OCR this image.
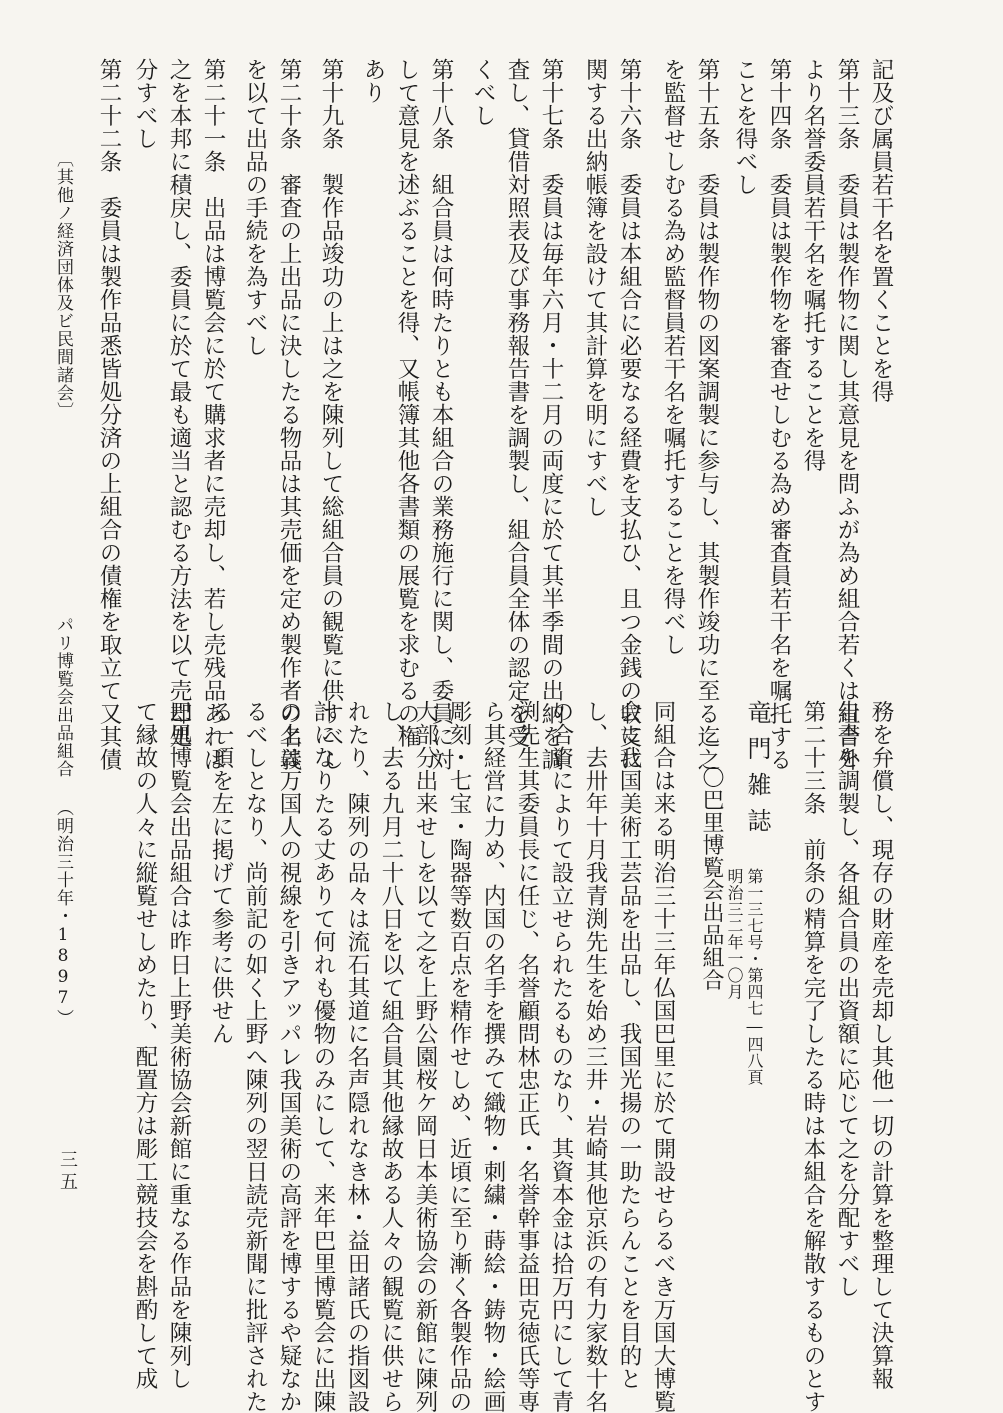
記及び属員若干名を置くことを得
第十三条　委員は製作物に関し其意見を問ふが為め組合若くは組合外
より名誉委員若干名を嘱托することを得
第十四条　委員は製作物を審査せしむる為め審査員若干名を嘱托する
ことを得べし
第十五条　委員は製作物の図案調製に参与し、其製作竣功に至る迄之
を監督せしむる為め監督員若干名を嘱托することを得べし
第十六条　委員は本組合に必要なる経費を支払ひ、且つ金銭の収支に
関する出納帳簿を設けて其計算を明にすべし
第十七条　委員は毎年六月・十二月の両度に於て其半季間の出納を調
査し、貸借対照表及び事務報告書を調製し、組合員全体の認定を受
くべし
第十八条　組合員は何時たりとも本組合の業務施行に関し、委員に対
して意見を述ぶることを得、又帳簿其他各書類の展覧を求むるの権
あり
第十九条　製作品竣功の上は之を陳列して総組合員の観覧に供すべし
第二十条　審査の上出品に決したる物品は其売価を定め製作者の名義
を以て出品の手続を為すべし
第二十一条　出品は博覧会に於て購求者に売却し、若し売残品あれば
之を本邦に積戻し、委員に於て最も適当と認むる方法を以て売却処
分すべし
第二十二条　委員は製作品悉皆処分済の上組合の債権を取立て又其債
〔其他ノ経済団体及ビ民間諸会〕 パリ博覧会出品組合 （明治三十年・1897）	務を弁償し、現存の財産を売却し其他一切の計算を整理して決算報
告書を調製し、各組合員の出資額に応じて之を分配すべし
第二十三条　前条の精算を完了したる時は本組合を解散するものとす
竜門雑誌
第一三七号・第四七―四八頁
明治三二年一〇月
〇巴里博覧会出品組合
同組合は来る明治三十三年仏国巴里に於て開設せらるべき万国大博覧
会に我国美術工芸品を出品し、我国光揚の一助たらんことを目的と
し、去卅年十月我青渕先生を始め三井・岩崎其他京浜の有力家数十名
の合資によりて設立せられたるものなり、其資本金は拾万円にして青
渕先生其委員長に任じ、名誉顧問林忠正氏・名誉幹事益田克徳氏等専
ら其経営に力め、内国の名手を撰みて織物・刺繍・蒔絵・鋳物・絵画
彫刻・七宝・陶器等数百点を精作せしめ、近頃に至り漸く各製作品の
大部分出来せしを以て之を上野公園桜ケ岡日本美術協会の新館に陳列
し、去る九月二十八日を以て組合員其他縁故ある人々の観覧に供せら
れたり、陳列の品々は流石其道に名声隠れなき林・益田諸氏の指図設
計になりたる丈ありて何れも優物のみにして、来年巴里博覧会に出陳
の上は万国人の視線を引きアッパレ我国美術の高評を博するや疑なか
るべしとなり、尚前記の如く上野へ陳列の翌日読売新聞に批評された
る一項を左に掲げて参考に供せん
巴里博覧会出品組合は昨日上野美術協会新館に重なる作品を陳列し
て縁故の人々に縦覧せしめたり、配置方は彫工競技会を斟酌して成
三五
